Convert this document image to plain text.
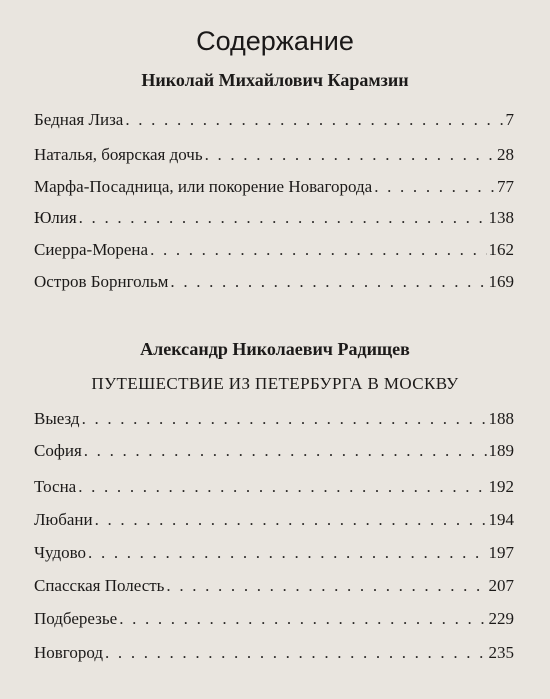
Содержание
Николай Михайлович Карамзин
Бедная Лиза . . .	7
Наталья, боярская дочь . . .	28
Марфа-Посадница, или покорение Новагорода . . .	77
Юлия . . .	138
Сиерра-Морена . . .	162
Остров Борнгольм . . .	169
Александр Николаевич Радищев
ПУТЕШЕСТВИЕ ИЗ ПЕТЕРБУРГА В МОСКВУ
Выезд . . .	188
София . . .	189
Тосна . . .	192
Любани . . .	194
Чудово . . .	197
Спасская Полесть . . .	207
Подберезье . . .	229
Новгород . . .	235
